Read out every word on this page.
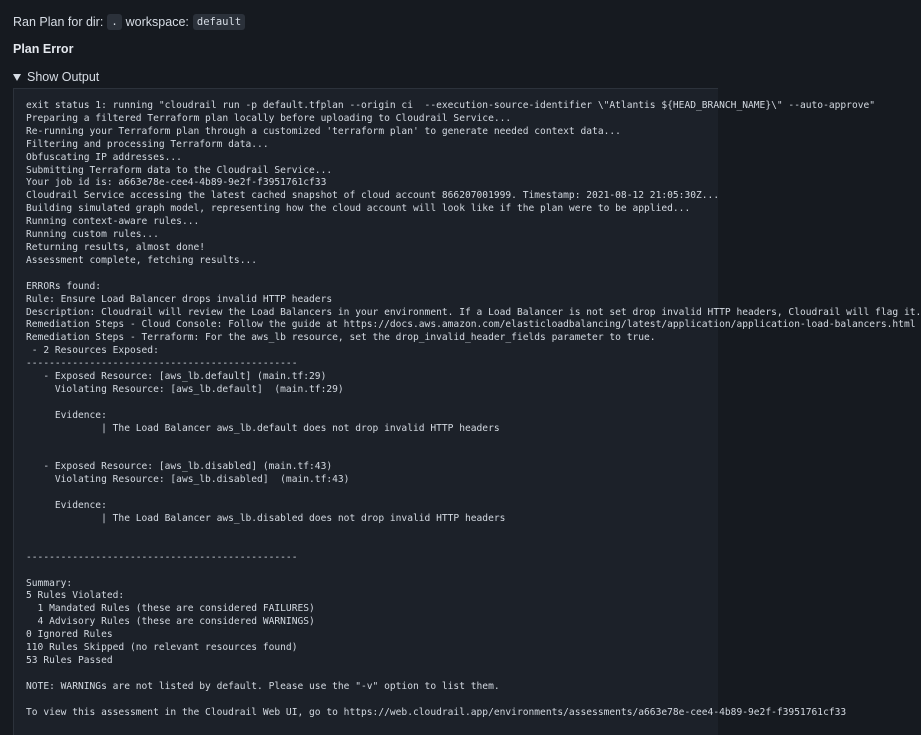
Ran Plan for dir: . workspace: default
Plan Error
Show Output
exit status 1: running "cloudrail run -p default.tfplan --origin ci  --execution-source-identifier \"Atlantis ${HEAD_BRANCH_NAME}\" --auto-approve"
Preparing a filtered Terraform plan locally before uploading to Cloudrail Service...
Re-running your Terraform plan through a customized 'terraform plan' to generate needed context data...
Filtering and processing Terraform data...
Obfuscating IP addresses...
Submitting Terraform data to the Cloudrail Service...
Your job id is: a663e78e-cee4-4b89-9e2f-f3951761cf33
Cloudrail Service accessing the latest cached snapshot of cloud account 866207001999. Timestamp: 2021-08-12 21:05:30Z...
Building simulated graph model, representing how the cloud account will look like if the plan were to be applied...
Running context-aware rules...
Running custom rules...
Returning results, almost done!
Assessment complete, fetching results...

ERRORs found:
Rule: Ensure Load Balancer drops invalid HTTP headers
Description: Cloudrail will review the Load Balancers in your environment. If a Load Balancer is not set drop invalid HTTP headers, Cloudrail will flag it.
Remediation Steps - Cloud Console: Follow the guide at https://docs.aws.amazon.com/elasticloadbalancing/latest/application/application-load-balancers.html
Remediation Steps - Terraform: For the aws_lb resource, set the drop_invalid_header_fields parameter to true.
- 2 Resources Exposed:
-----------------------------------------------
- Exposed Resource: [aws_lb.default] (main.tf:29)
Violating Resource: [aws_lb.default]  (main.tf:29)

Evidence:
| The Load Balancer aws_lb.default does not drop invalid HTTP headers

- Exposed Resource: [aws_lb.disabled] (main.tf:43)
Violating Resource: [aws_lb.disabled]  (main.tf:43)

Evidence:
| The Load Balancer aws_lb.disabled does not drop invalid HTTP headers

-----------------------------------------------

Summary:
5 Rules Violated:
1 Mandated Rules (these are considered FAILURES)
4 Advisory Rules (these are considered WARNINGS)
0 Ignored Rules
110 Rules Skipped (no relevant resources found)
53 Rules Passed

NOTE: WARNINGs are not listed by default. Please use the "-v" option to list them.

To view this assessment in the Cloudrail Web UI, go to https://web.cloudrail.app/environments/assessments/a663e78e-cee4-4b89-9e2f-f3951761cf33
